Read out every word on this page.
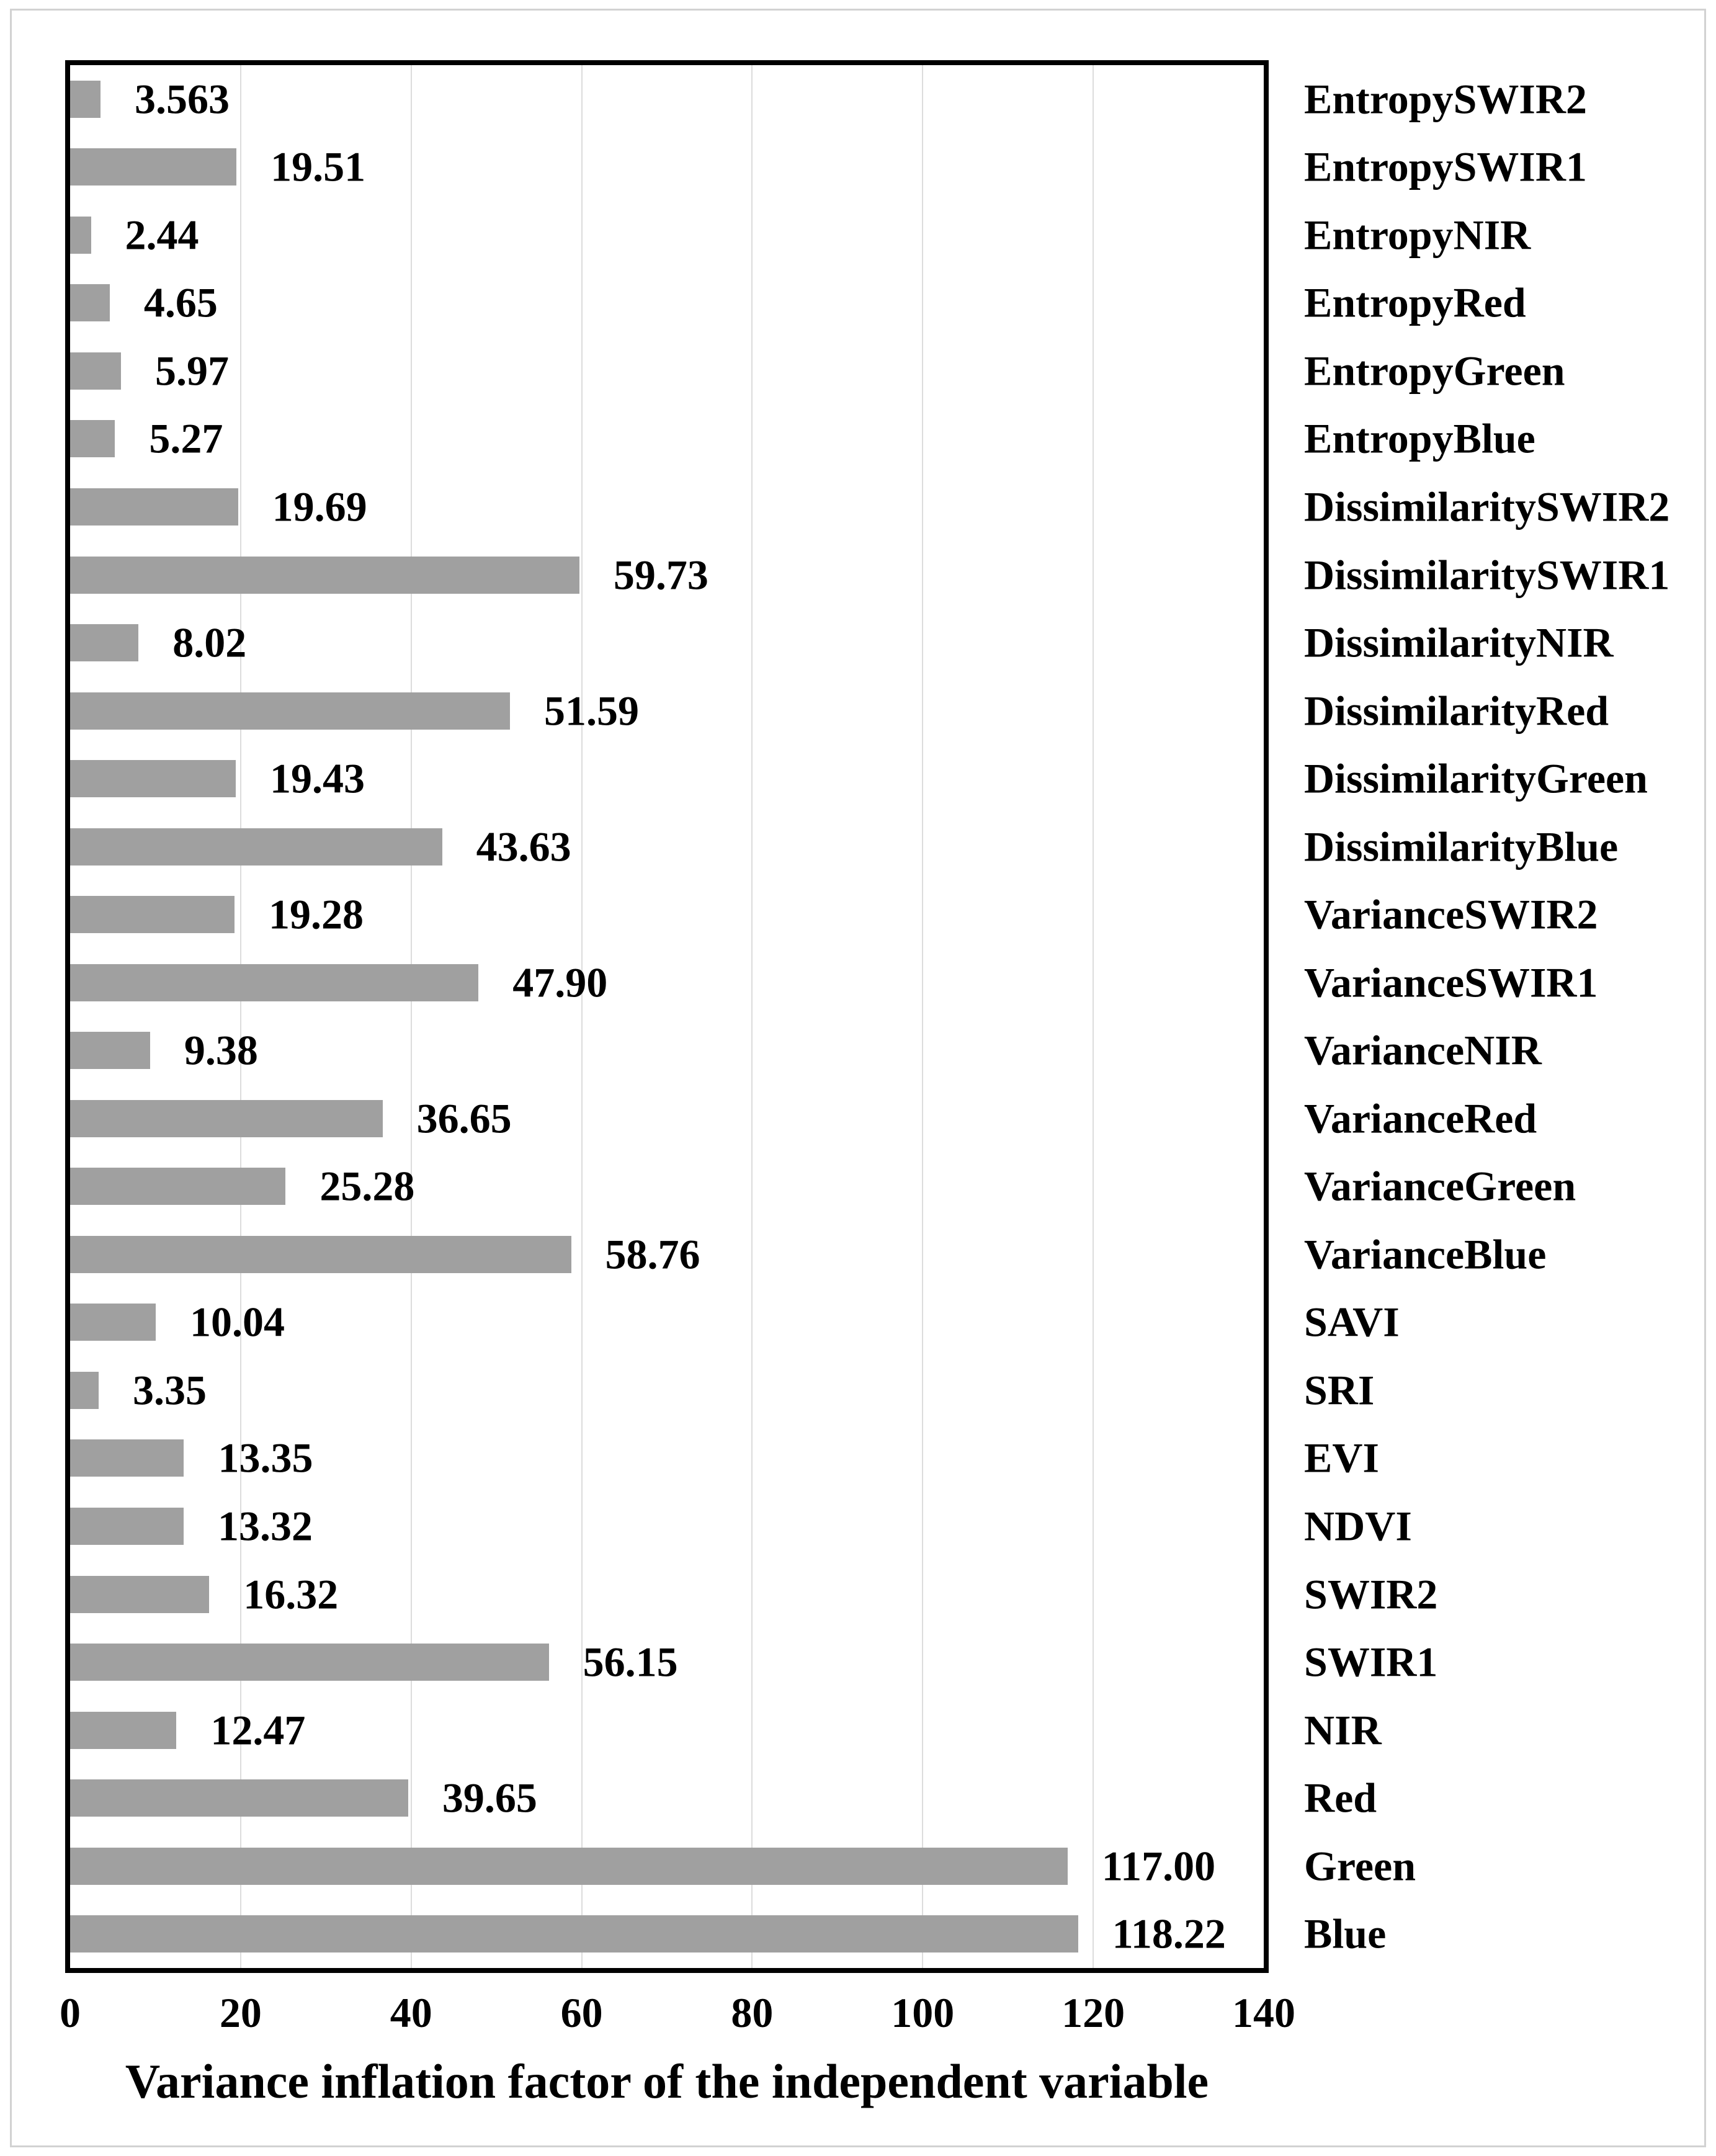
3.563
19.51
2.44
4.65
5.97
5.27
19.69
59.73
8.02
51.59
19.43
43.63
19.28
47.90
9.38
36.65
25.28
58.76
10.04
3.35
13.35
13.32
16.32
56.15
12.47
39.65
117.00
118.22
EntropySWIR2
EntropySWIR1
EntropyNIR
EntropyRed
EntropyGreen
EntropyBlue
DissimilaritySWIR2
DissimilaritySWIR1
DissimilarityNIR
DissimilarityRed
DissimilarityGreen
DissimilarityBlue
VarianceSWIR2
VarianceSWIR1
VarianceNIR
VarianceRed
VarianceGreen
VarianceBlue
SAVI
SRI
EVI
NDVI
SWIR2
SWIR1
NIR
Red
Green
Blue
0	20	40	60	80	100	120	140
Variance inflation factor of the independent variable
